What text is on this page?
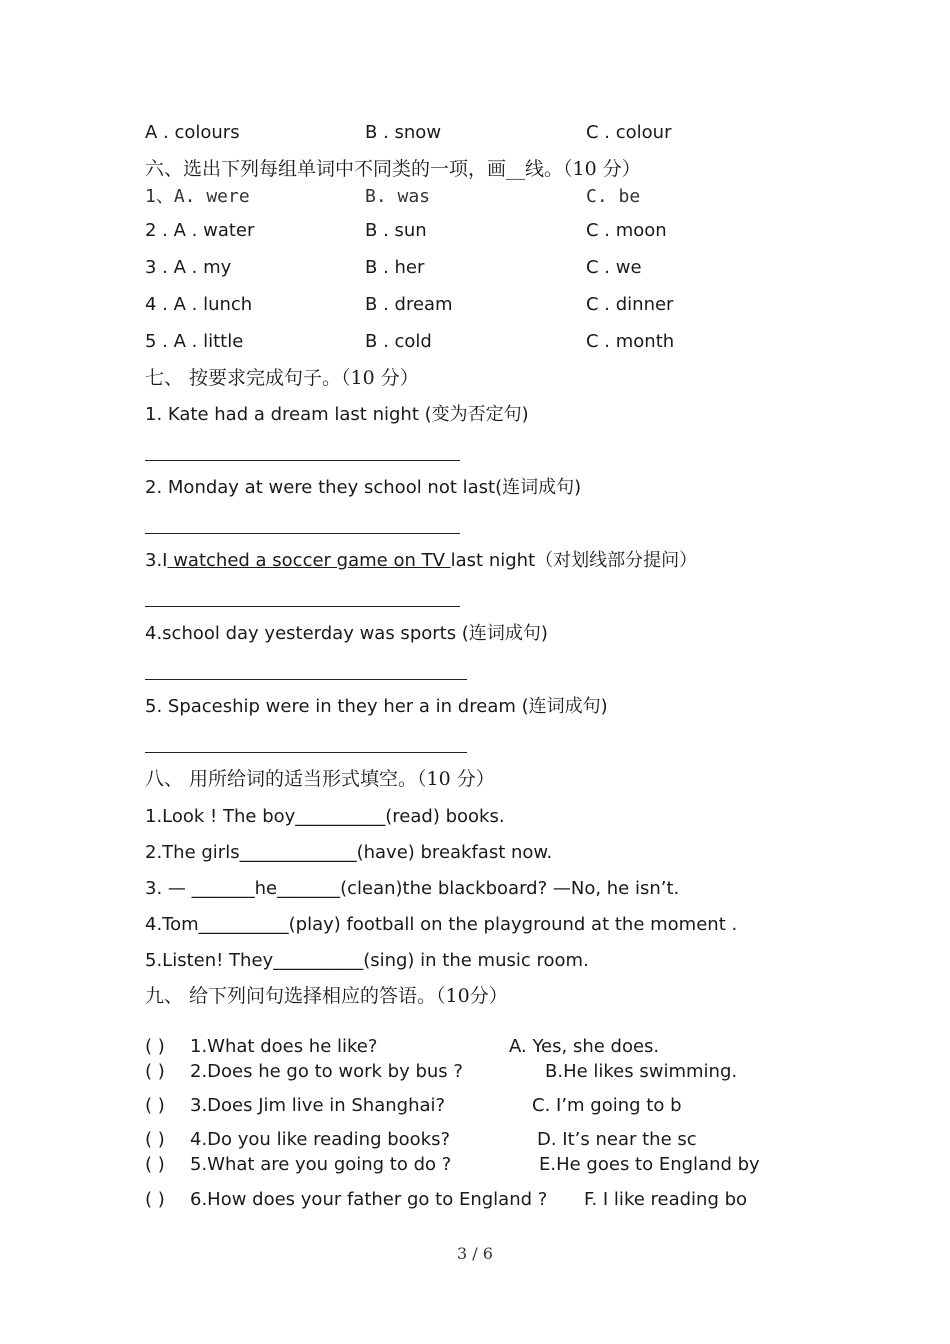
A . colours	B . snow	C . colour
六、选出下列每组单词中不同类的一项，画__线。（10 分）
1、A. were	B. was	C. be
2 . A . water	B . sun	C . moon
3 . A . my	B . her	C . we
4 . A . lunch	B . dream	C . dinner
5 . A . little	B . cold	C . month
七、 按要求完成句子。（10 分）
1. Kate had a dream last night (变为否定句)
2. Monday at were they school not last(连词成句)
3.I watched a soccer game on TV last night（对划线部分提问）
4.school day yesterday was sports (连词成句)
5. Spaceship were in they her a in dream (连词成句)
八、 用所给词的适当形式填空。（10 分）
1.Look ! The boy__________(read) books.
2.The girls_____________(have) breakfast now.
3. — _______he_______(clean)the blackboard? —No, he isn’t.
4.Tom__________(play) football on the playground at the moment .
5.Listen! They__________(sing) in the music room.
九、 给下列问句选择相应的答语。（10分）
( ) 1.What does he like?	A. Yes, she does.
( ) 2.Does he go to work by bus ?	B.He likes swimming.
( ) 3.Does Jim live in Shanghai?	C. I’m going to b
( ) 4.Do you like reading books?	D. It’s near the sc
( ) 5.What are you going to do ?	E.He goes to England by
( ) 6.How does your father go to England ? F. I like reading bo
3 / 6
